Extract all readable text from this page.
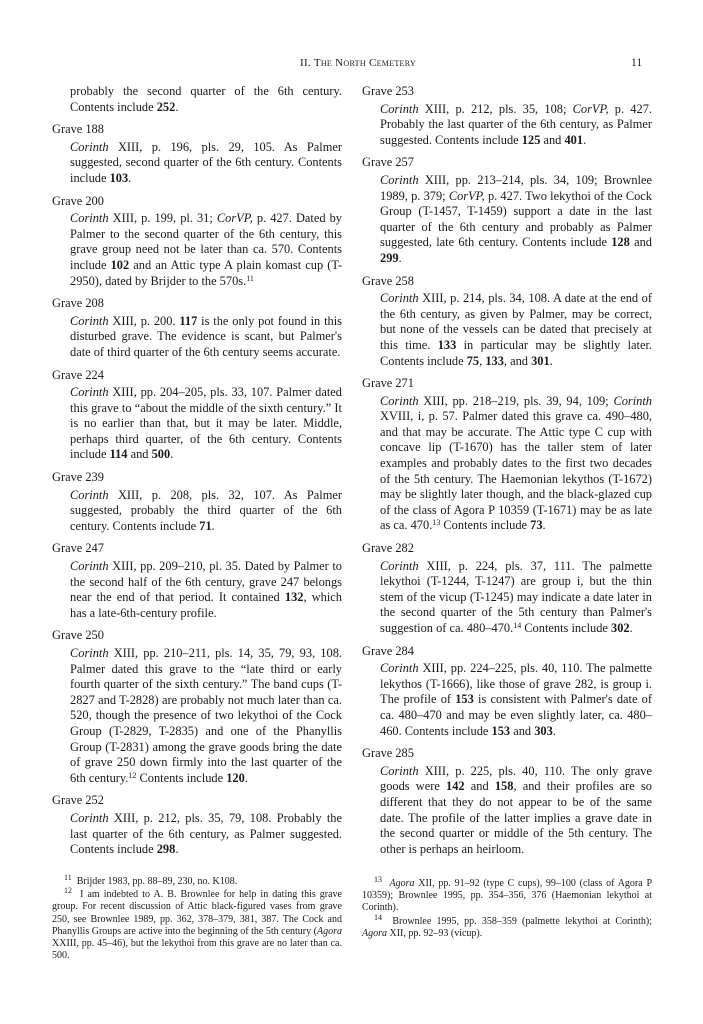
II. The North Cemetery	11
probably the second quarter of the 6th century. Contents include 252.
Grave 188
Corinth XIII, p. 196, pls. 29, 105. As Palmer suggested, second quarter of the 6th century. Contents include 103.
Grave 200
Corinth XIII, p. 199, pl. 31; CorVP, p. 427. Dated by Palmer to the second quarter of the 6th century, this grave group need not be later than ca. 570. Contents include 102 and an Attic type A plain komast cup (T-2950), dated by Brijder to the 570s.$^{11}$
Grave 208
Corinth XIII, p. 200. 117 is the only pot found in this disturbed grave. The evidence is scant, but Palmer's date of third quarter of the 6th century seems accurate.
Grave 224
Corinth XIII, pp. 204–205, pls. 33, 107. Palmer dated this grave to “about the middle of the sixth century.” It is no earlier than that, but it may be later. Middle, perhaps third quarter, of the 6th century. Contents include 114 and 500.
Grave 239
Corinth XIII, p. 208, pls. 32, 107. As Palmer suggested, probably the third quarter of the 6th century. Contents include 71.
Grave 247
Corinth XIII, pp. 209–210, pl. 35. Dated by Palmer to the second half of the 6th century, grave 247 belongs near the end of that period. It contained 132, which has a late-6th-century profile.
Grave 250
Corinth XIII, pp. 210–211, pls. 14, 35, 79, 93, 108. Palmer dated this grave to the “late third or early fourth quarter of the sixth century.” The band cups (T-2827 and T-2828) are probably not much later than ca. 520, though the presence of two lekythoi of the Cock Group (T-2829, T-2835) and one of the Phanyllis Group (T-2831) among the grave goods bring the date of grave 250 down firmly into the last quarter of the 6th century.$^{12}$ Contents include 120.
Grave 252
Corinth XIII, p. 212, pls. 35, 79, 108. Probably the last quarter of the 6th century, as Palmer suggested. Contents include 298.
Grave 253
Corinth XIII, p. 212, pls. 35, 108; CorVP, p. 427. Probably the last quarter of the 6th century, as Palmer suggested. Contents include 125 and 401.
Grave 257
Corinth XIII, pp. 213–214, pls. 34, 109; Brownlee 1989, p. 379; CorVP, p. 427. Two lekythoi of the Cock Group (T-1457, T-1459) support a date in the last quarter of the 6th century and probably as Palmer suggested, late 6th century. Contents include 128 and 299.
Grave 258
Corinth XIII, p. 214, pls. 34, 108. A date at the end of the 6th century, as given by Palmer, may be correct, but none of the vessels can be dated that precisely at this time. 133 in particular may be slightly later. Contents include 75, 133, and 301.
Grave 271
Corinth XIII, pp. 218–219, pls. 39, 94, 109; Corinth XVIII, i, p. 57. Palmer dated this grave ca. 490–480, and that may be accurate. The Attic type C cup with concave lip (T-1670) has the taller stem of later examples and probably dates to the first two decades of the 5th century. The Haemonian lekythos (T-1672) may be slightly later though, and the black-glazed cup of the class of Agora P 10359 (T-1671) may be as late as ca. 470.13 Contents include 73.
Grave 282
Corinth XIII, p. 224, pls. 37, 111. The palmette lekythoi (T-1244, T-1247) are group i, but the thin stem of the vicup (T-1245) may indicate a date later in the second quarter of the 5th century than Palmer's suggestion of ca. 480–470.14 Contents include 302.
Grave 284
Corinth XIII, pp. 224–225, pls. 40, 110. The palmette lekythos (T-1666), like those of grave 282, is group i. The profile of 153 is consistent with Palmer's date of ca. 480–470 and may be even slightly later, ca. 480–460. Contents include 153 and 303.
Grave 285
Corinth XIII, p. 225, pls. 40, 110. The only grave goods were 142 and 158, and their profiles are so different that they do not appear to be of the same date. The profile of the latter implies a grave date in the second quarter or middle of the 5th century. The other is perhaps an heirloom.
$^{11}$  Brijder 1983, pp. 88–89, 230, no. K108.
$^{12}$  I am indebted to A. B. Brownlee for help in dating this grave group. For recent discussion of Attic black-figured vases from grave 250, see Brownlee 1989, pp. 362, 378–379, 381, 387. The Cock and Phanyllis Groups are active into the beginning of the 5th century (Agora XXIII, pp. 45–46), but the lekythoi from this grave are no later than ca. 500.
$^{13}$ Agora XII, pp. 91–92 (type C cups), 99–100 (class of Agora P 10359); Brownlee 1995, pp. 354–356, 376 (Haemonian lekythoi at Corinth).
$^{14}$  Brownlee 1995, pp. 358–359 (palmette lekythoi at Corinth); Agora XII, pp. 92–93 (vicup).
